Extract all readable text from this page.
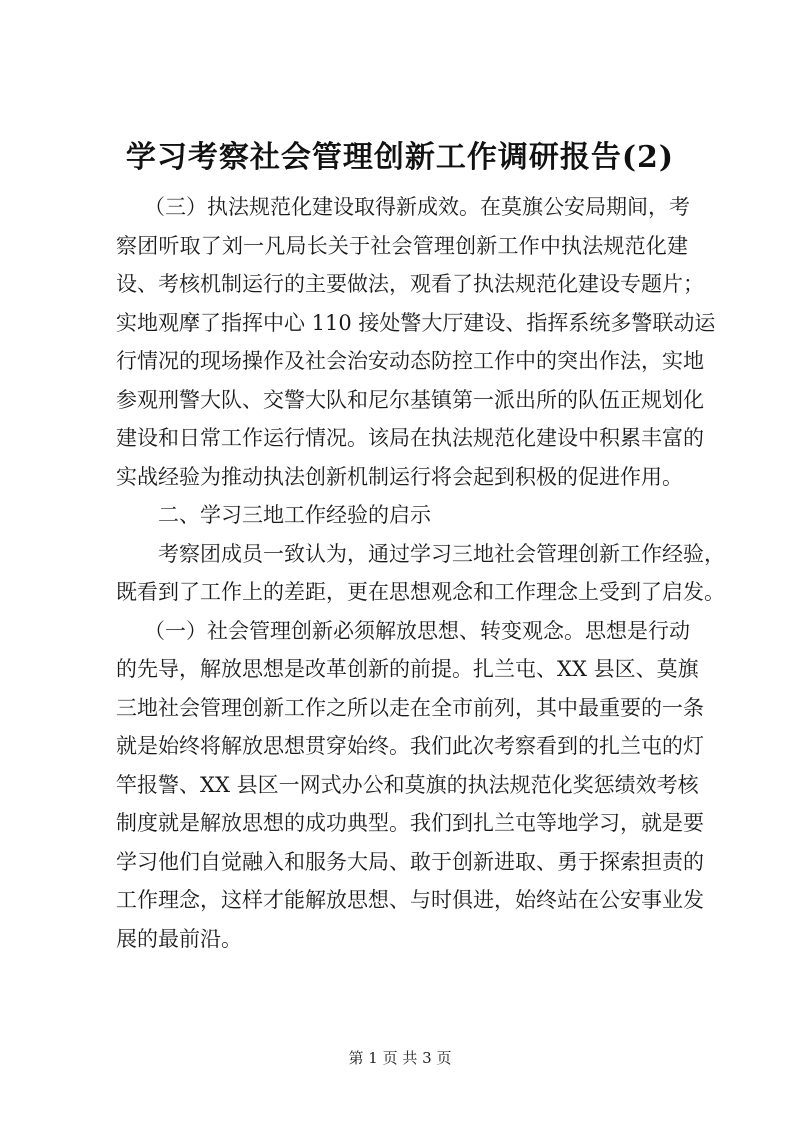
学习考察社会管理创新工作调研报告(2)
（三）执法规范化建设取得新成效。在莫旗公安局期间，考
察团听取了刘一凡局长关于社会管理创新工作中执法规范化建
设、考核机制运行的主要做法，观看了执法规范化建设专题片；
实地观摩了指挥中心 110 接处警大厅建设、指挥系统多警联动运
行情况的现场操作及社会治安动态防控工作中的突出作法，实地
参观刑警大队、交警大队和尼尔基镇第一派出所的队伍正规划化
建设和日常工作运行情况。该局在执法规范化建设中积累丰富的
实战经验为推动执法创新机制运行将会起到积极的促进作用。
二、学习三地工作经验的启示
考察团成员一致认为，通过学习三地社会管理创新工作经验，
既看到了工作上的差距，更在思想观念和工作理念上受到了启发。
（一）社会管理创新必须解放思想、转变观念。思想是行动
的先导，解放思想是改革创新的前提。扎兰屯、XX 县区、莫旗
三地社会管理创新工作之所以走在全市前列，其中最重要的一条
就是始终将解放思想贯穿始终。我们此次考察看到的扎兰屯的灯
竿报警、XX 县区一网式办公和莫旗的执法规范化奖惩绩效考核
制度就是解放思想的成功典型。我们到扎兰屯等地学习，就是要
学习他们自觉融入和服务大局、敢于创新进取、勇于探索担责的
工作理念，这样才能解放思想、与时俱进，始终站在公安事业发
展的最前沿。
第 1 页 共 3 页
